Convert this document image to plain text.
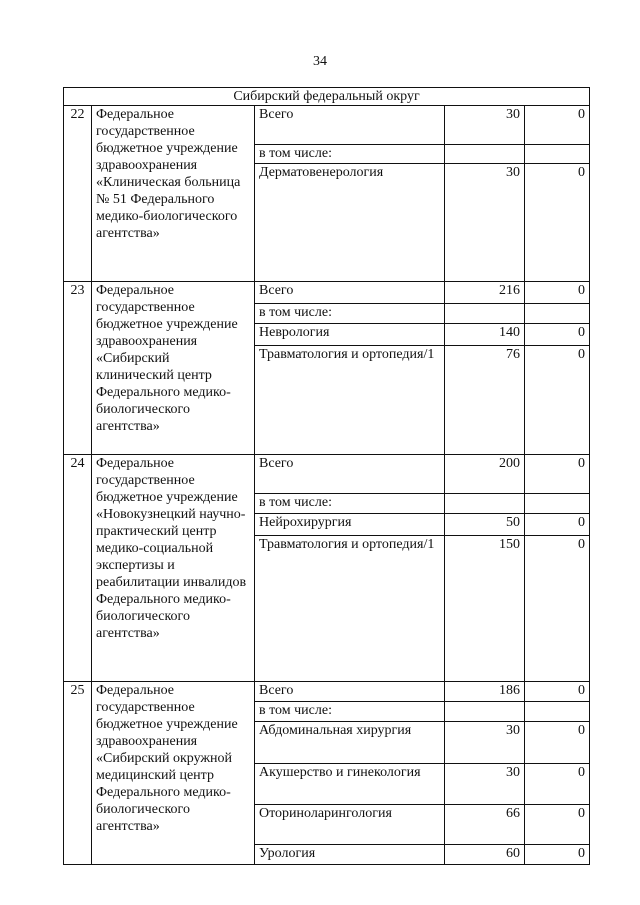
34
Сибирский федеральный округ				
22	Федеральное государственное бюджетное учреждение здравоохранения «Клиническая больница № 51 Федерального медико-биологического агентства»	Всего	30	0
		в том числе:		
		Дерматовенерология	30	0
23	Федеральное государственное бюджетное учреждение здравоохранения «Сибирский клинический центр Федерального медико-биологического агентства»	Всего	216	0
		в том числе:		
		Неврология	140	0
		Травматология и ортопедия/1	76	0
24	Федеральное государственное бюджетное учреждение «Новокузнецкий научно-практический центр медико-социальной экспертизы и реабилитации инвалидов Федерального медико-биологического агентства»	Всего	200	0
		в том числе:		
		Нейрохирургия	50	0
		Травматология и ортопедия/1	150	0
25	Федеральное государственное бюджетное учреждение здравоохранения «Сибирский окружной медицинский центр Федерального медико-биологического агентства»	Всего	186	0
		в том числе:		
		Абдоминальная хирургия	30	0
		Акушерство и гинекология	30	0
		Оториноларингология	66	0
		Урология	60	0
